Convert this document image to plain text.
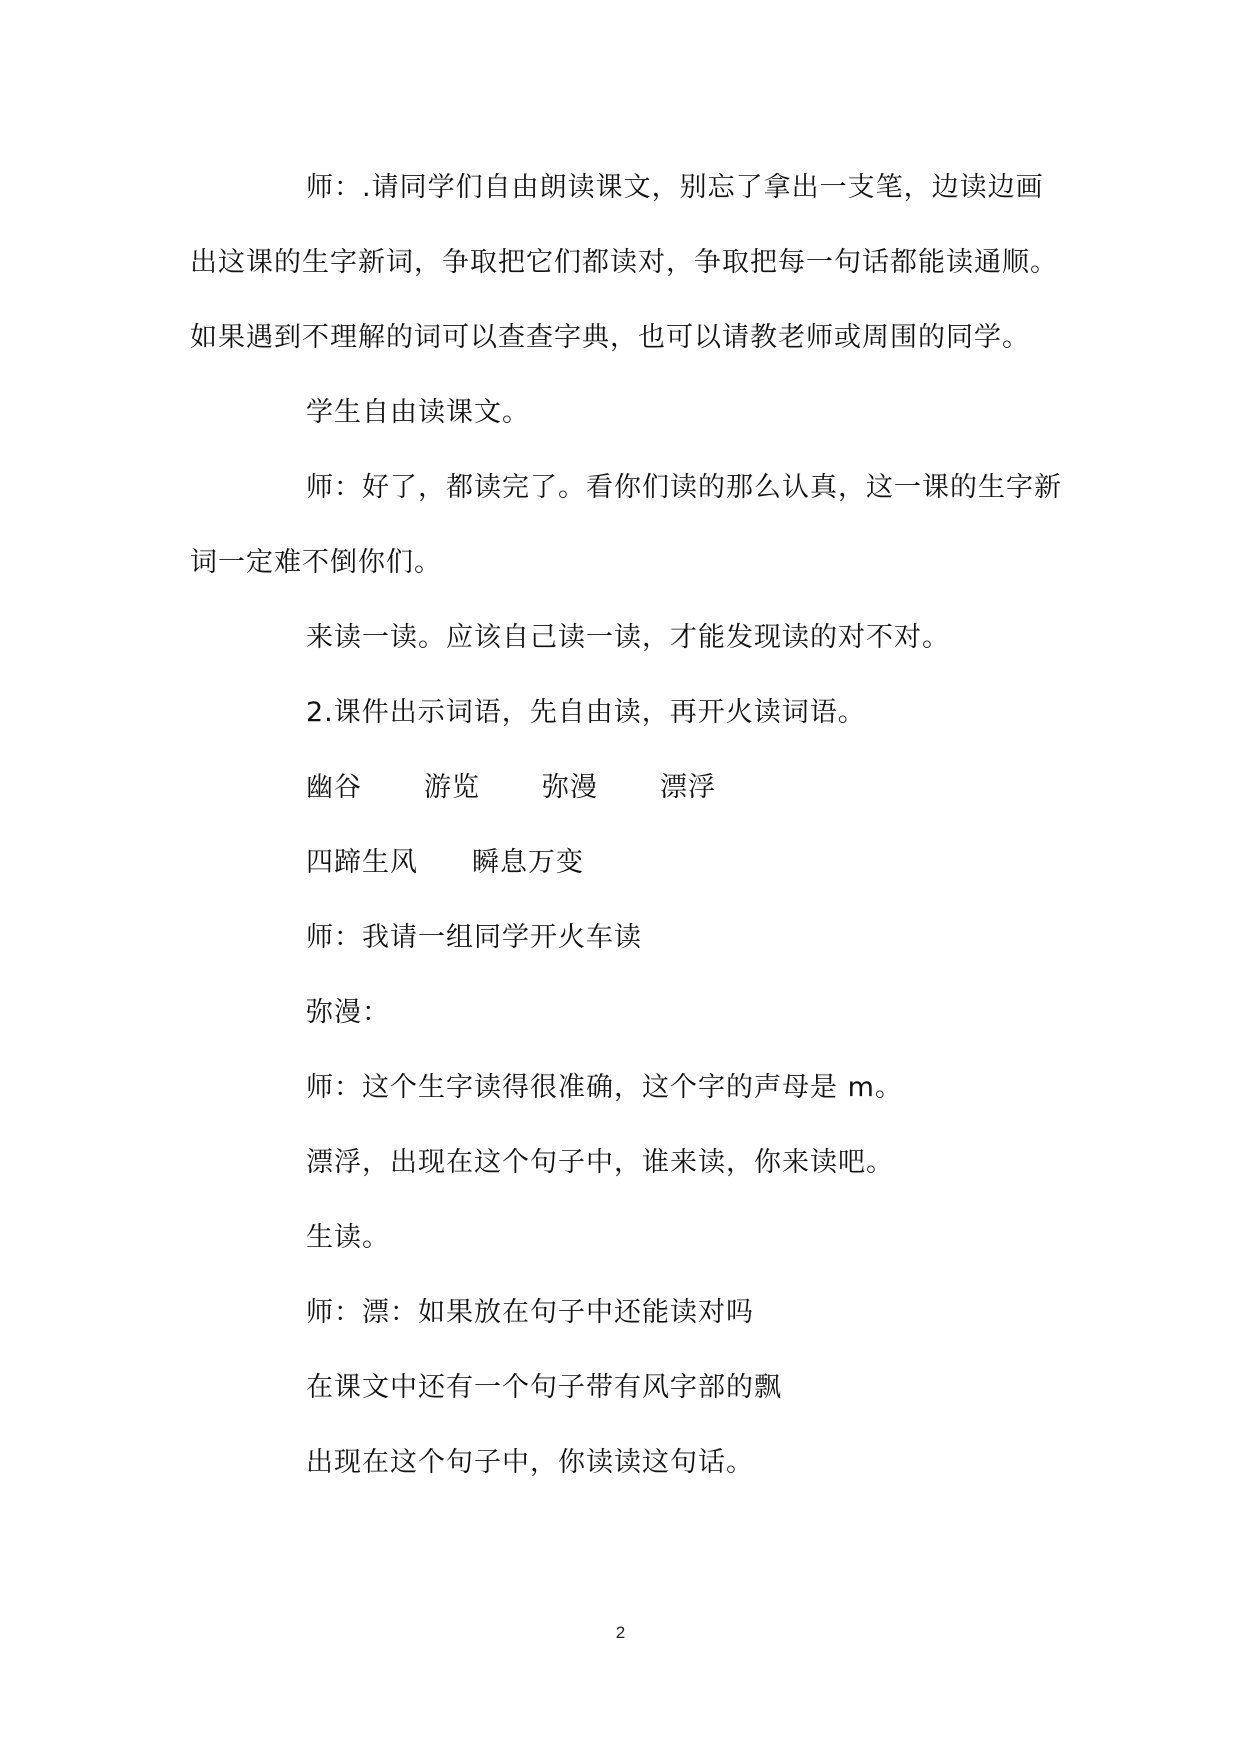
师：.请同学们自由朗读课文，别忘了拿出一支笔，边读边画出这课的生字新词，争取把它们都读对，争取把每一句话都能读通顺。如果遇到不理解的词可以查查字典，也可以请教老师或周围的同学。

学生自由读课文。

师：好了，都读完了。看你们读的那么认真，这一课的生字新词一定难不倒你们。

来读一读。应该自己读一读，才能发现读的对不对。

2.课件出示词语，先自由读，再开火读词语。

幽谷 游览 弥漫 漂浮

四蹄生风 瞬息万变

师：我请一组同学开火车读

弥漫：

师：这个生字读得很准确，这个字的声母是 m。

漂浮，出现在这个句子中，谁来读，你来读吧。

生读。

师：漂：如果放在句子中还能读对吗

在课文中还有一个句子带有风字部的飘

出现在这个句子中，你读读这句话。

2
